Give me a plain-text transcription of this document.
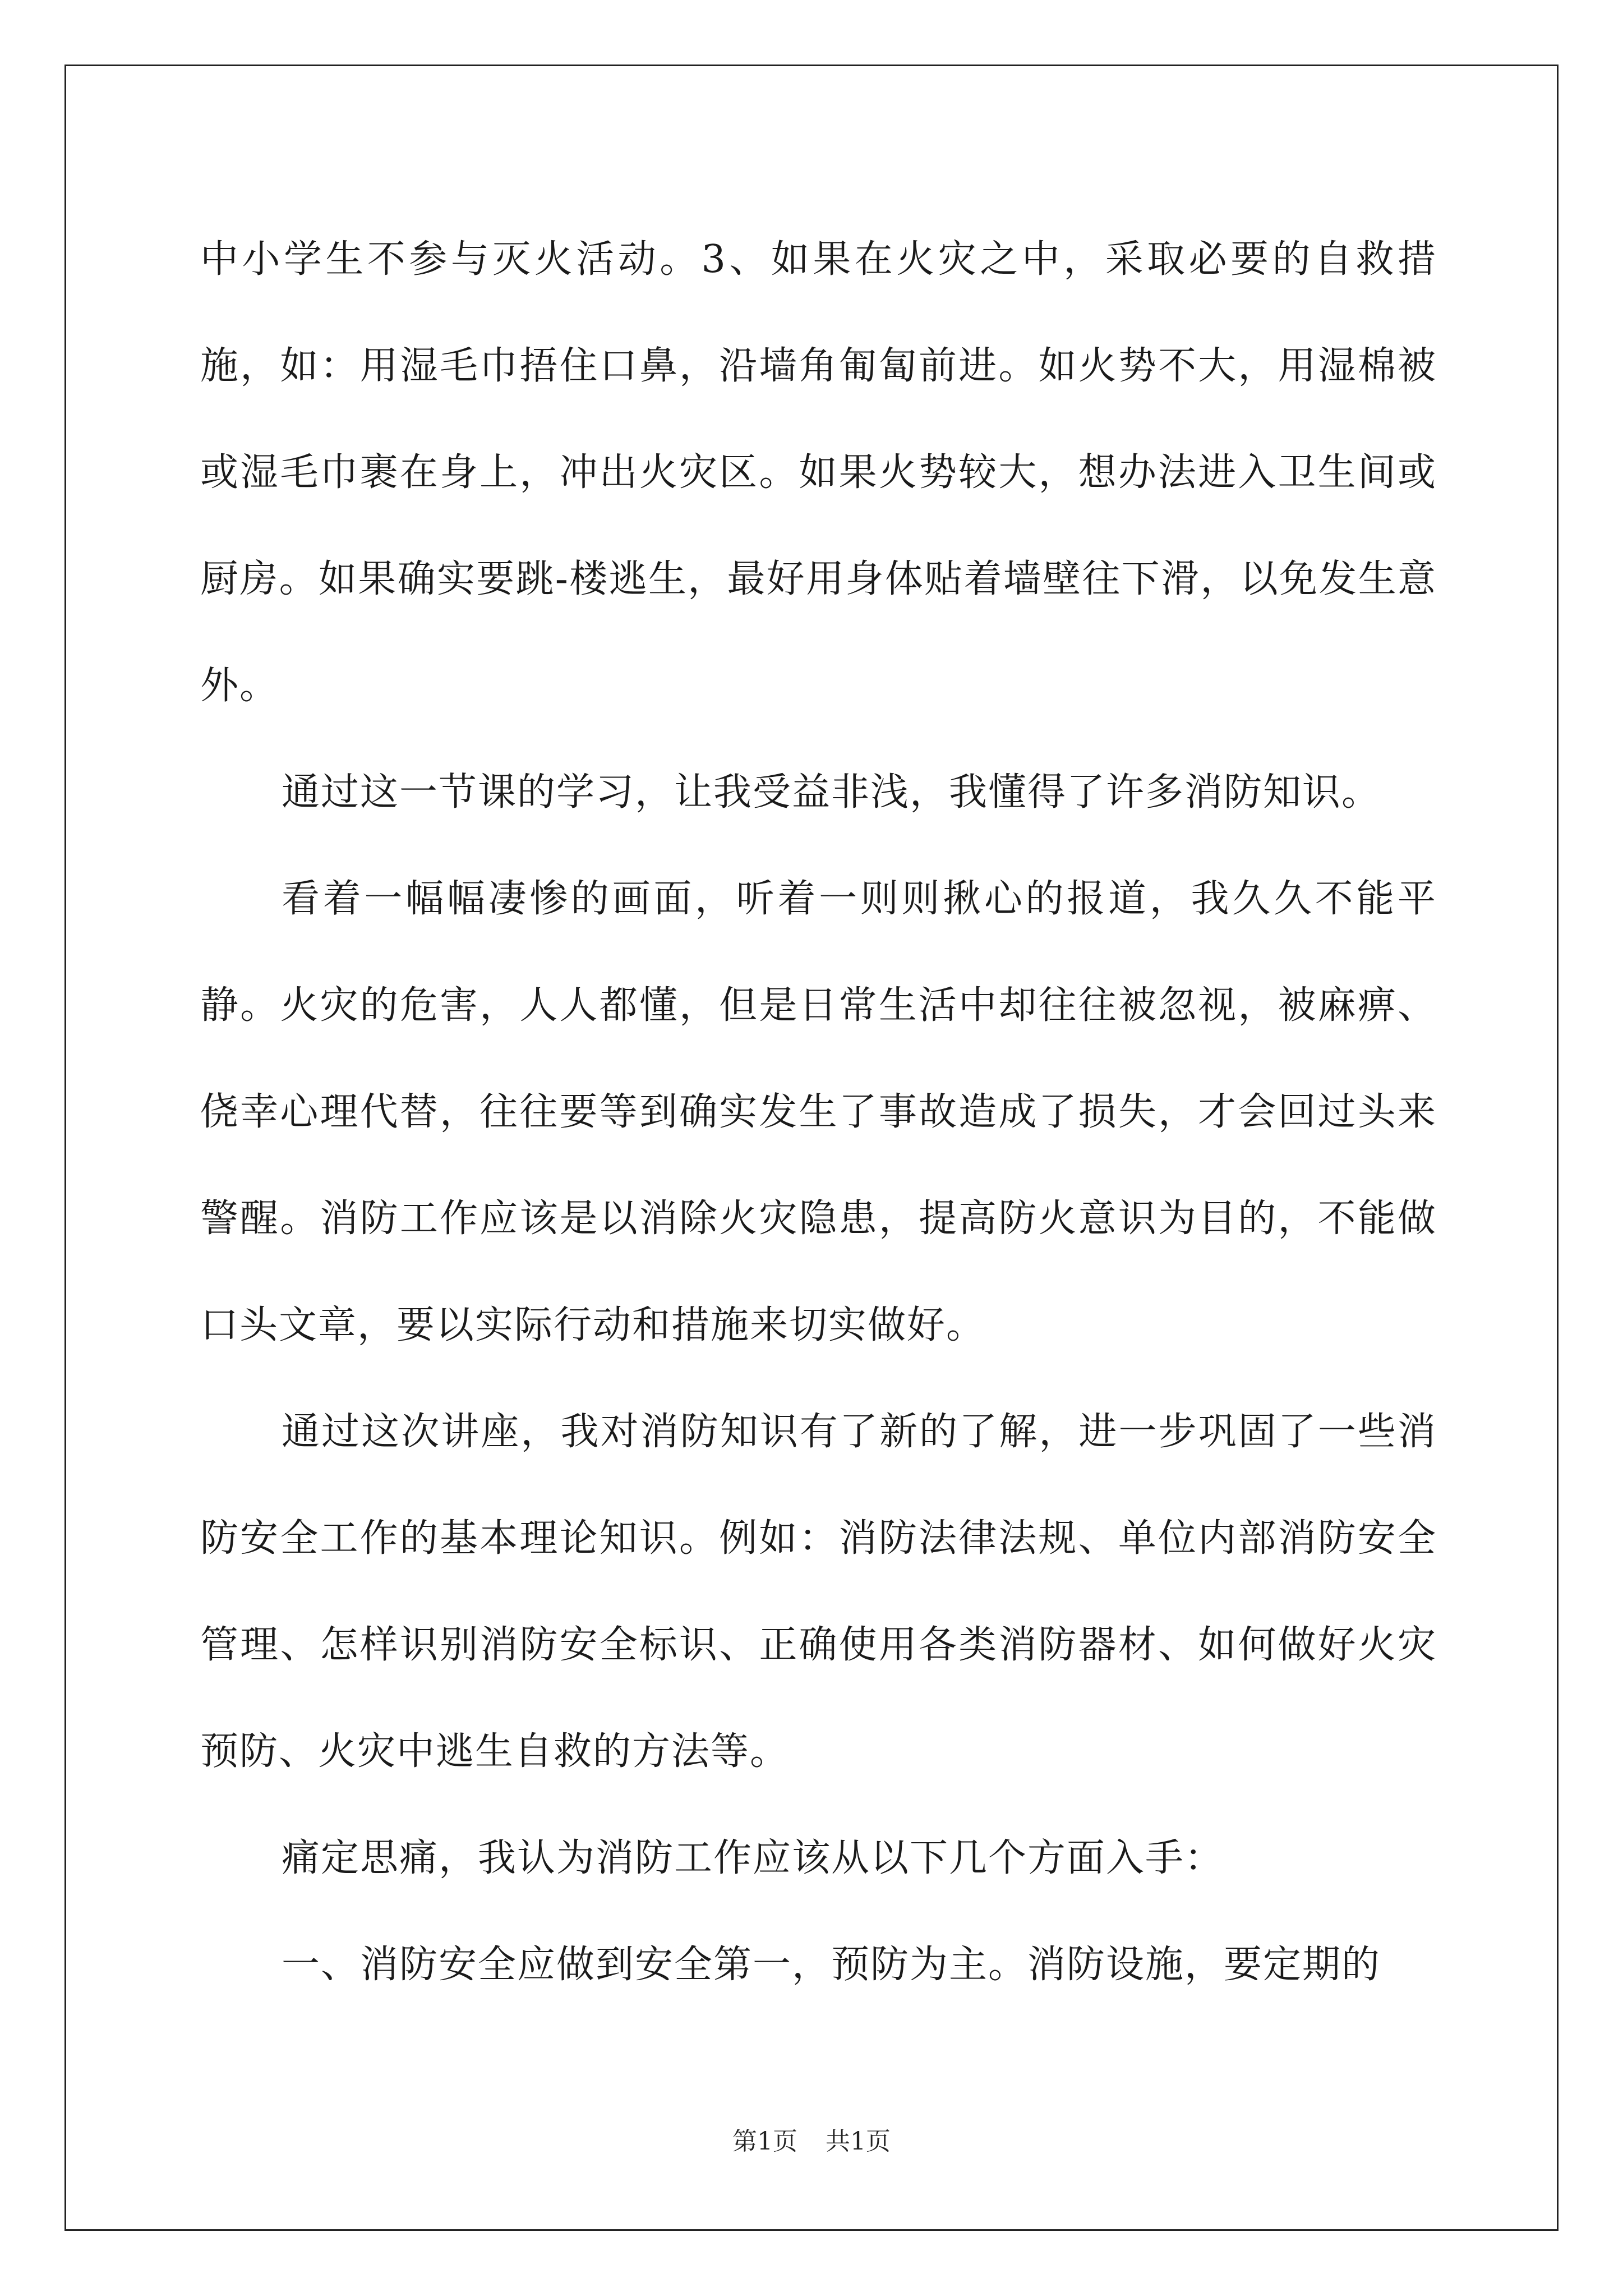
中小学生不参与灭火活动。3、如果在火灾之中，采取必要的自救措施，如：用湿毛巾捂住口鼻，沿墙角匍匐前进。如火势不大，用湿棉被或湿毛巾裹在身上，冲出火灾区。如果火势较大，想办法进入卫生间或厨房。如果确实要跳-楼逃生，最好用身体贴着墙壁往下滑，以免发生意外。

通过这一节课的学习，让我受益非浅，我懂得了许多消防知识。

看着一幅幅凄惨的画面，听着一则则揪心的报道，我久久不能平静。火灾的危害，人人都懂，但是日常生活中却往往被忽视，被麻痹、侥幸心理代替，往往要等到确实发生了事故造成了损失，才会回过头来警醒。消防工作应该是以消除火灾隐患，提高防火意识为目的，不能做口头文章，要以实际行动和措施来切实做好。

通过这次讲座，我对消防知识有了新的了解，进一步巩固了一些消防安全工作的基本理论知识。例如：消防法律法规、单位内部消防安全管理、怎样识别消防安全标识、正确使用各类消防器材、如何做好火灾预防、火灾中逃生自救的方法等。

痛定思痛，我认为消防工作应该从以下几个方面入手：

一、消防安全应做到安全第一，预防为主。消防设施，要定期的

第1页 共1页
